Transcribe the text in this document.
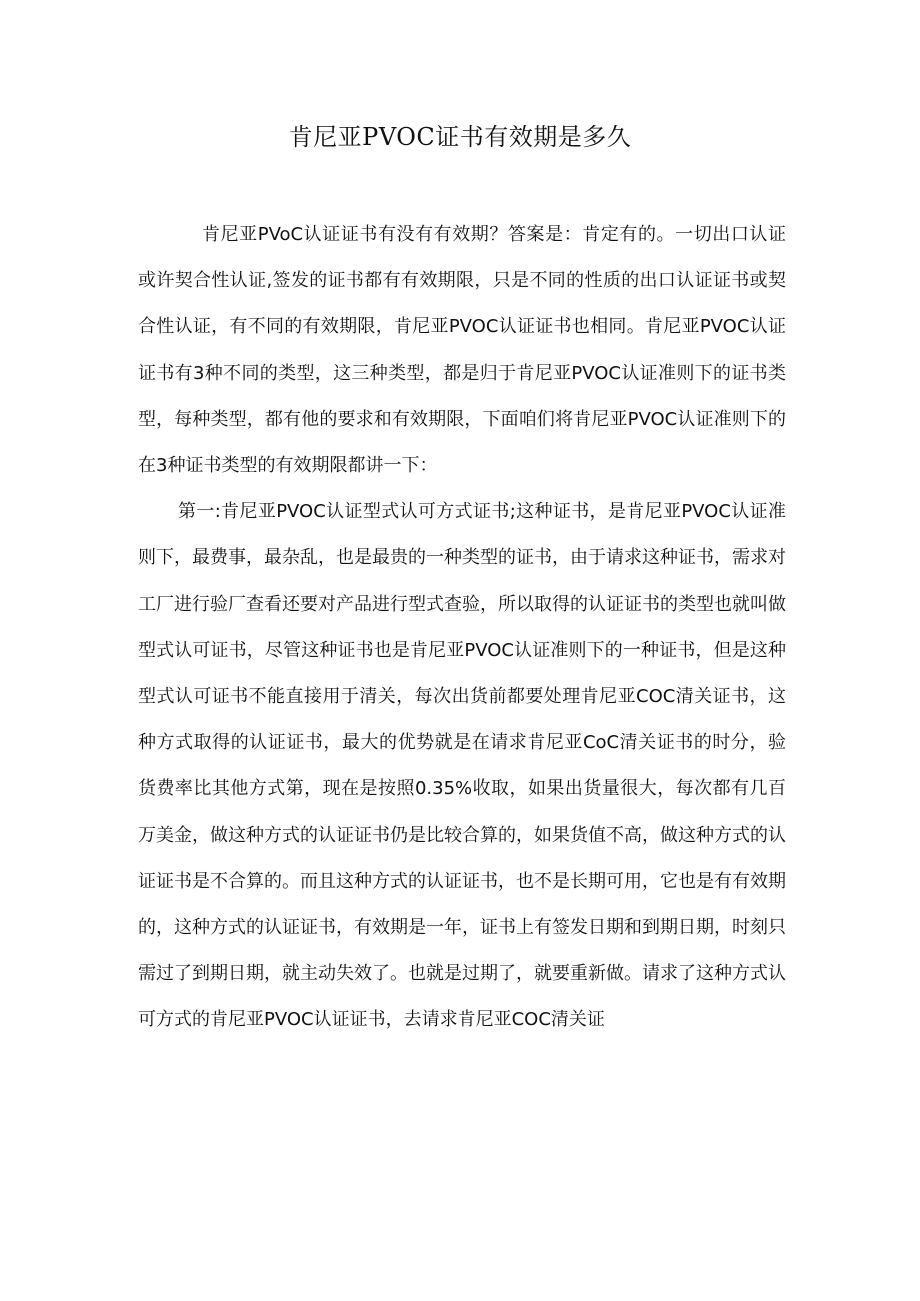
肯尼亚PVOC证书有效期是多久

肯尼亚PVoC认证证书有没有有效期？答案是：肯定有的。一切出口认证或许契合性认证,签发的证书都有有效期限，只是不同的性质的出口认证证书或契合性认证，有不同的有效期限，肯尼亚PVOC认证证书也相同。肯尼亚PVOC认证证书有3种不同的类型，这三种类型，都是归于肯尼亚PVOC认证准则下的证书类型，每种类型，都有他的要求和有效期限，下面咱们将肯尼亚PVOC认证准则下的在3种证书类型的有效期限都讲一下：

第一:肯尼亚PVOC认证型式认可方式证书;这种证书，是肯尼亚PVOC认证准则下，最费事，最杂乱，也是最贵的一种类型的证书，由于请求这种证书，需求对工厂进行验厂查看还要对产品进行型式查验，所以取得的认证证书的类型也就叫做型式认可证书，尽管这种证书也是肯尼亚PVOC认证准则下的一种证书，但是这种型式认可证书不能直接用于清关，每次出货前都要处理肯尼亚COC清关证书，这种方式取得的认证证书，最大的优势就是在请求肯尼亚CoC清关证书的时分，验货费率比其他方式第，现在是按照0.35%收取，如果出货量很大，每次都有几百万美金，做这种方式的认证证书仍是比较合算的，如果货值不高，做这种方式的认证证书是不合算的。而且这种方式的认证证书，也不是长期可用，它也是有有效期的，这种方式的认证证书，有效期是一年，证书上有签发日期和到期日期，时刻只需过了到期日期，就主动失效了。也就是过期了，就要重新做。请求了这种方式认可方式的肯尼亚PVOC认证证书，去请求肯尼亚COC清关证
